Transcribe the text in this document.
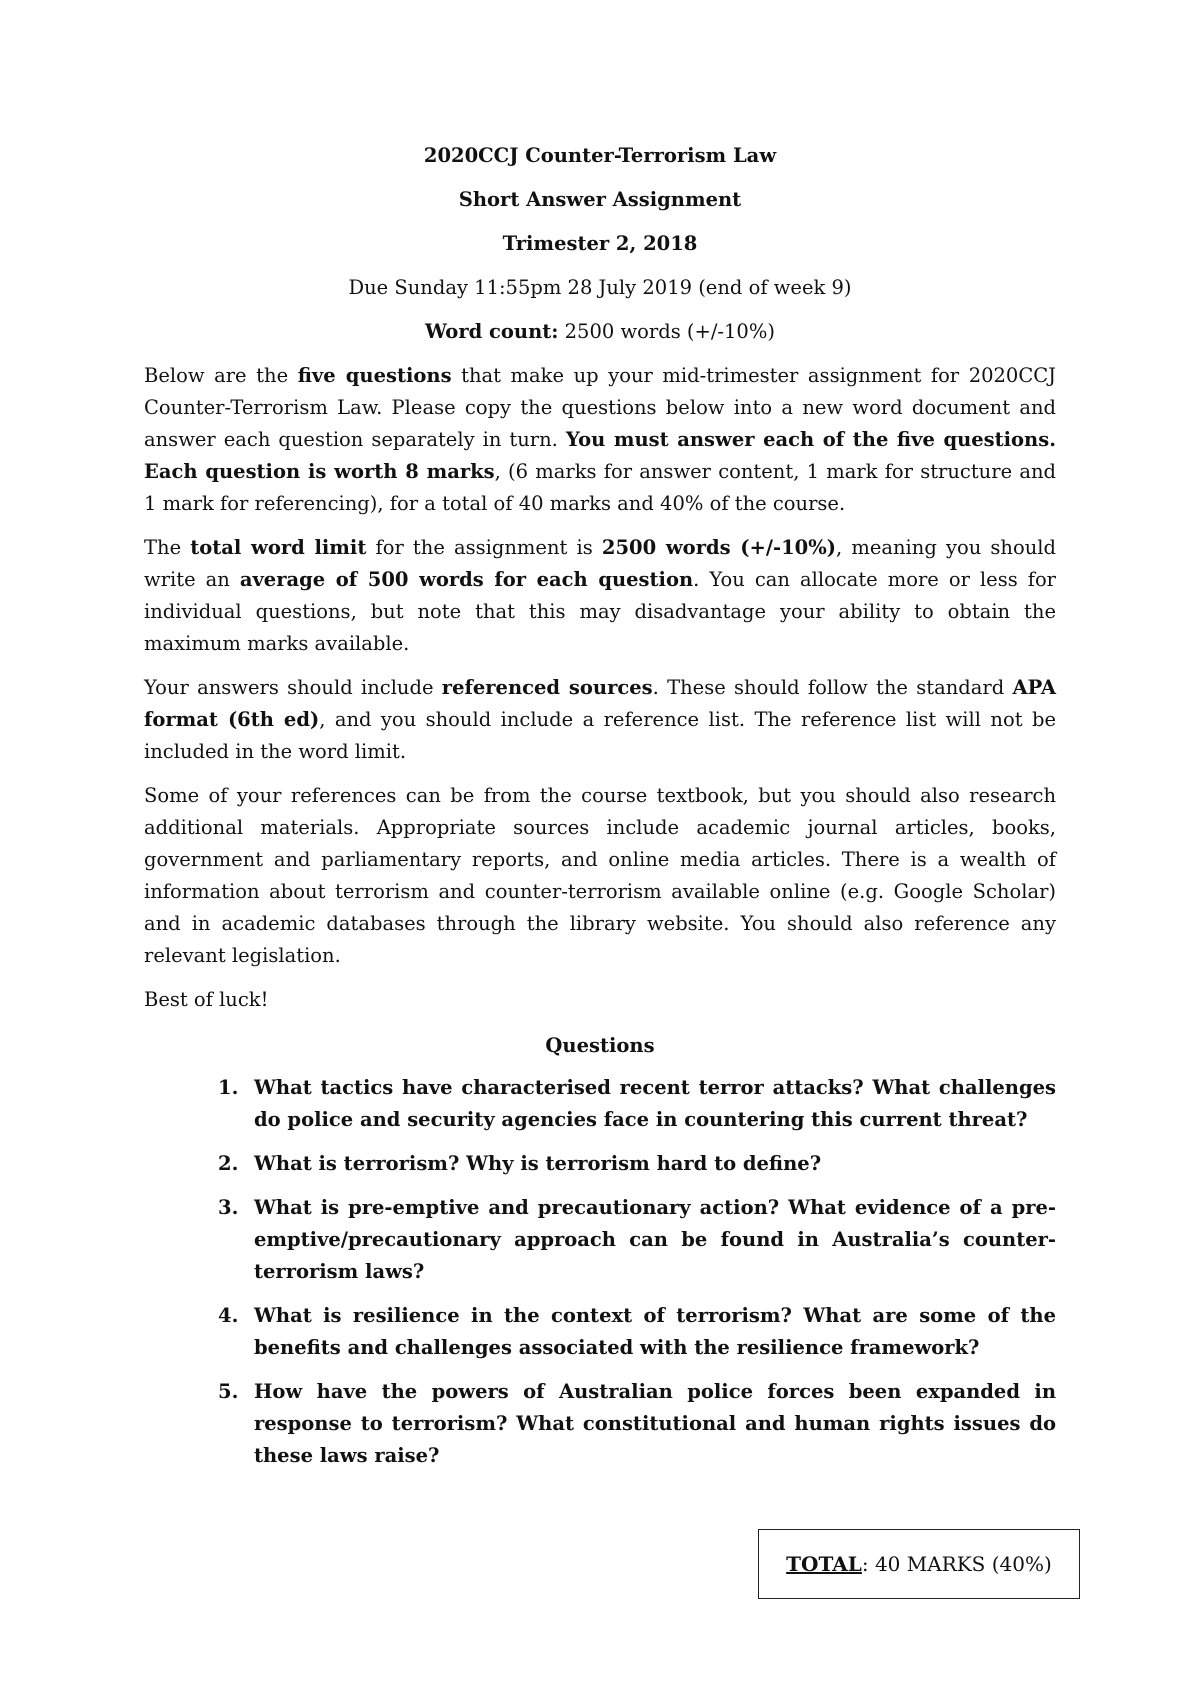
2020CCJ Counter-Terrorism Law
Short Answer Assignment
Trimester 2, 2018
Due Sunday 11:55pm 28 July 2019 (end of week 9)
Word count: 2500 words (+/-10%)

Below are the five questions that make up your mid-trimester assignment for 2020CCJ Counter-Terrorism Law. Please copy the questions below into a new word document and answer each question separately in turn. You must answer each of the five questions. Each question is worth 8 marks, (6 marks for answer content, 1 mark for structure and 1 mark for referencing), for a total of 40 marks and 40% of the course.

The total word limit for the assignment is 2500 words (+/-10%), meaning you should write an average of 500 words for each question. You can allocate more or less for individual questions, but note that this may disadvantage your ability to obtain the maximum marks available.

Your answers should include referenced sources. These should follow the standard APA format (6th ed), and you should include a reference list. The reference list will not be included in the word limit.

Some of your references can be from the course textbook, but you should also research additional materials. Appropriate sources include academic journal articles, books, government and parliamentary reports, and online media articles. There is a wealth of information about terrorism and counter-terrorism available online (e.g. Google Scholar) and in academic databases through the library website. You should also reference any relevant legislation.

Best of luck!

Questions
1. What tactics have characterised recent terror attacks? What challenges do police and security agencies face in countering this current threat?
2. What is terrorism? Why is terrorism hard to define?
3. What is pre-emptive and precautionary action? What evidence of a pre-emptive/precautionary approach can be found in Australia’s counter-terrorism laws?
4. What is resilience in the context of terrorism? What are some of the benefits and challenges associated with the resilience framework?
5. How have the powers of Australian police forces been expanded in response to terrorism? What constitutional and human rights issues do these laws raise?
TOTAL : 40 MARKS (40%)
